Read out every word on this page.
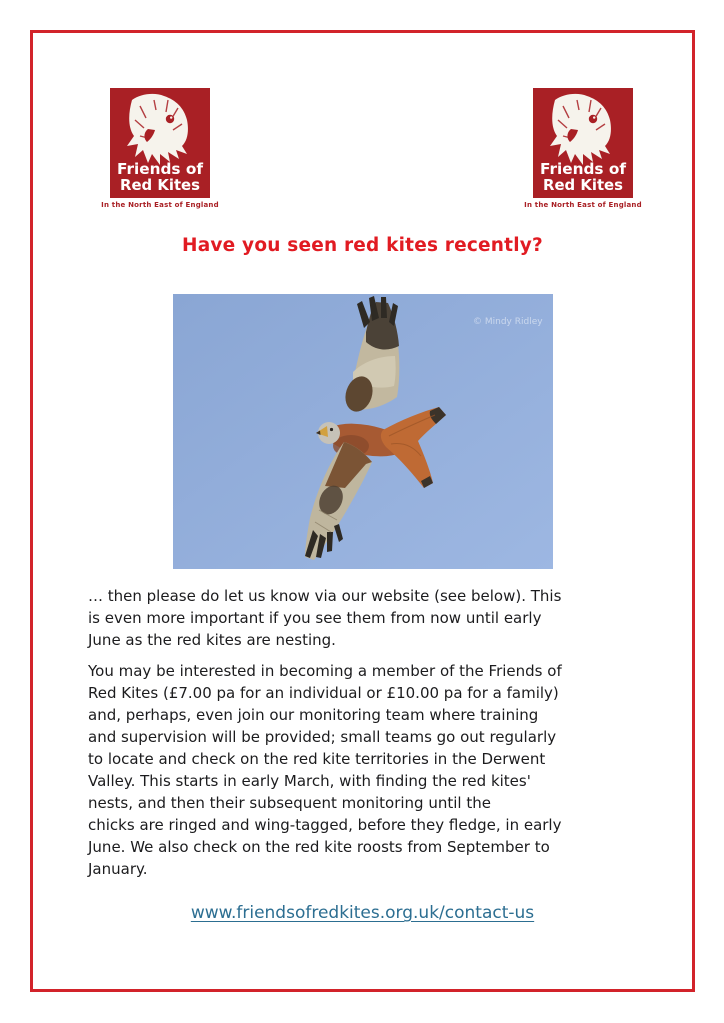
Friends of
Red Kites
In the North East of England
Friends of
Red Kites
In the North East of England
Have you seen red kites recently?
© Mindy Ridley
… then please do let us know via our website (see below). This
is even more important if you see them from now until early
June as the red kites are nesting.
You may be interested in becoming a member of the Friends of
Red Kites (£7.00 pa for an individual or £10.00 pa for a family)
and, perhaps, even join our monitoring team where training
and supervision will be provided; small teams go out regularly
to locate and check on the red kite territories in the Derwent
Valley. This starts in early March, with finding the red kites'
nests, and then their subsequent monitoring until the
chicks are ringed and wing-tagged, before they fledge, in early
June. We also check on the red kite roosts from September to
January.
www.friendsofredkites.org.uk/contact-us
